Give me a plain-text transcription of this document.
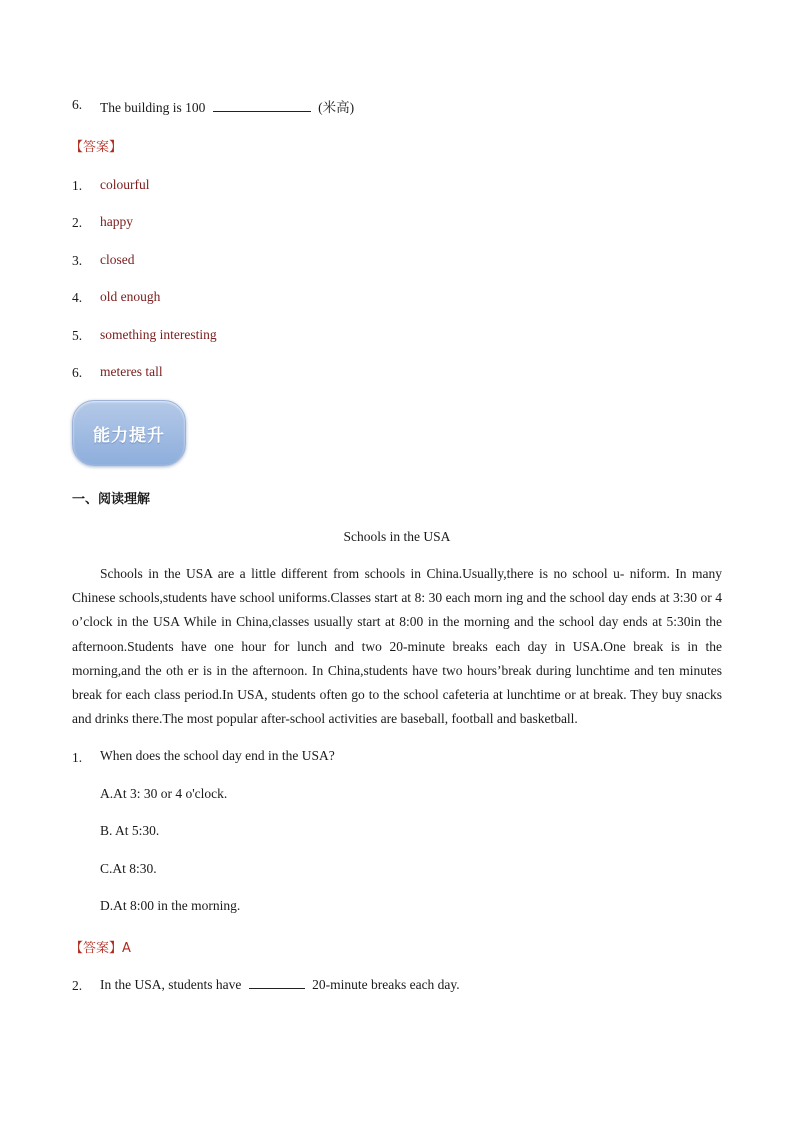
6. The building is 100	(米高)
【答案】
1. colourful
2. happy
3. closed
4. old enough
5. something interesting
6. meteres tall
能力提升
一、阅读理解
Schools in the USA
Schools in the USA are a little different from schools in China.Usually,there is no school u- niform. In many Chinese schools,students have school uniforms.Classes start at 8: 30 each morn ing and the school day ends at 3:30 or 4 o’clock in the USA While in China,classes usually start at 8:00 in the morning and the school day ends at 5:30in the afternoon.Students have one hour for lunch and two 20-minute breaks each day in USA.One break is in the morning,and the oth er is in the afternoon. In China,students have two hours’break during lunchtime and ten minutes break for each class period.In USA, students often go to the school cafeteria at lunchtime or at break. They buy snacks and drinks there.The most popular after-school activities are baseball, football and basketball.
1. When does the school day end in the USA?
A.At 3: 30 or 4 o'clock.
B. At 5:30.
C.At 8:30.
D.At 8:00 in the morning.
【答案】A
2. In the USA, students have	20-minute breaks each day.
